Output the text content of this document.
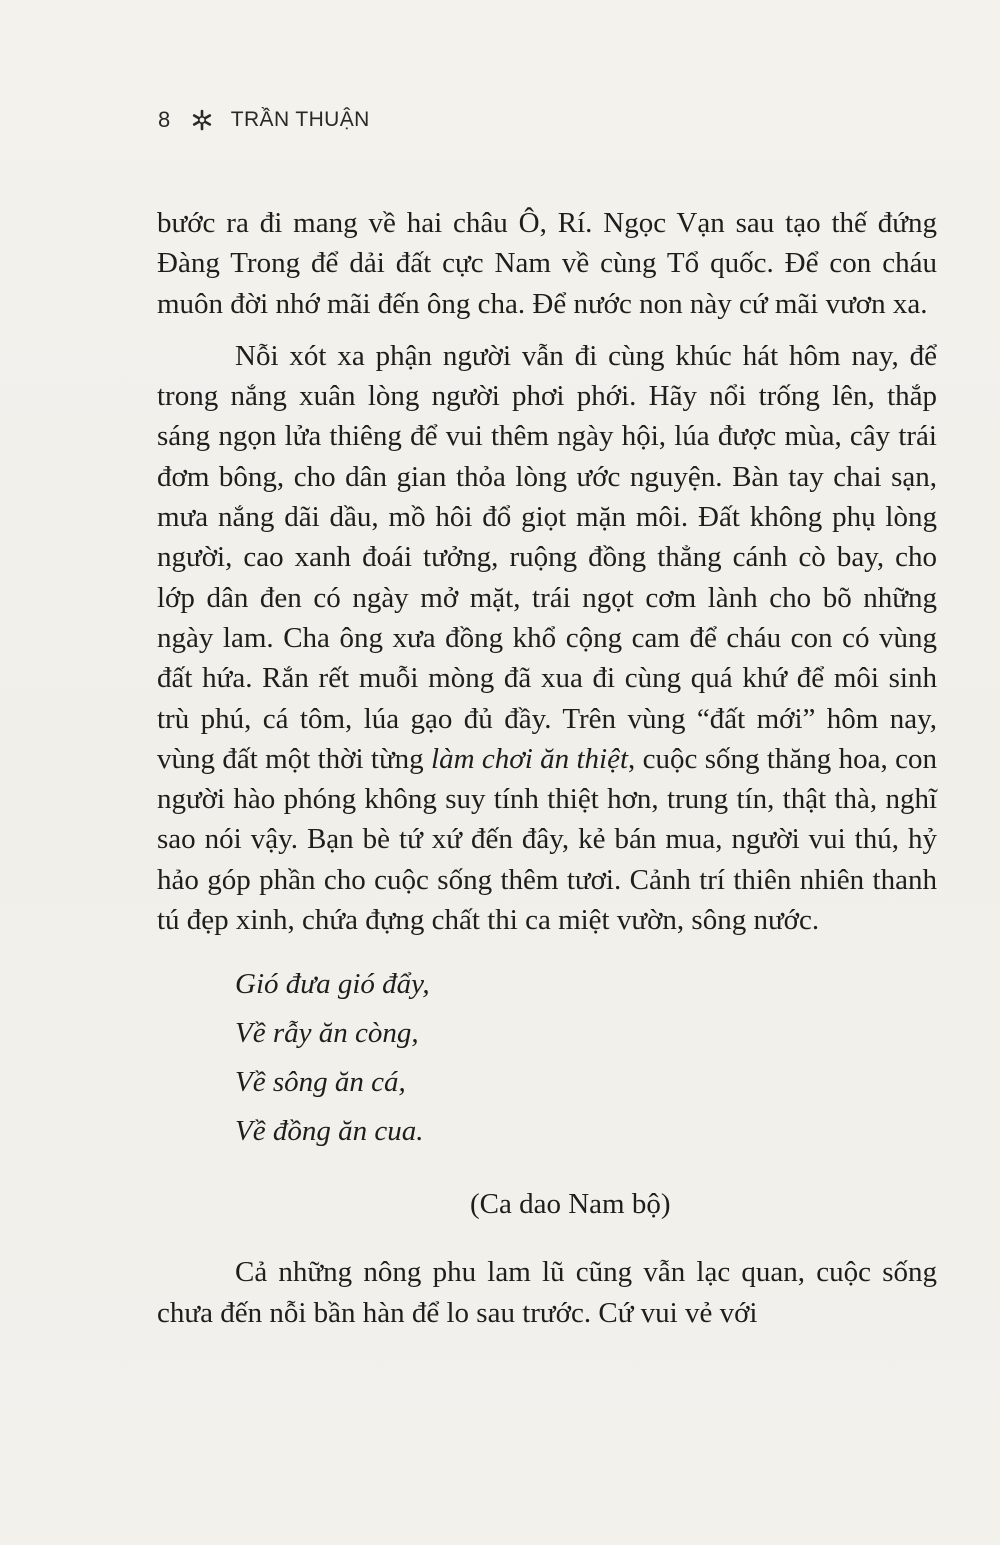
8	TRẦN THUẬN

bước ra đi mang về hai châu Ô, Rí. Ngọc Vạn sau tạo thế đứng Đàng Trong để dải đất cực Nam về cùng Tổ quốc. Để con cháu muôn đời nhớ mãi đến ông cha. Để nước non này cứ mãi vươn xa.

Nỗi xót xa phận người vẫn đi cùng khúc hát hôm nay, để trong nắng xuân lòng người phơi phới. Hãy nổi trống lên, thắp sáng ngọn lửa thiêng để vui thêm ngày hội, lúa được mùa, cây trái đơm bông, cho dân gian thỏa lòng ước nguyện. Bàn tay chai sạn, mưa nắng dãi dầu, mồ hôi đổ giọt mặn môi. Đất không phụ lòng người, cao xanh đoái tưởng, ruộng đồng thẳng cánh cò bay, cho lớp dân đen có ngày mở mặt, trái ngọt cơm lành cho bõ những ngày lam. Cha ông xưa đồng khổ cộng cam để cháu con có vùng đất hứa. Rắn rết muỗi mòng đã xua đi cùng quá khứ để môi sinh trù phú, cá tôm, lúa gạo đủ đầy. Trên vùng “đất mới” hôm nay, vùng đất một thời từng làm chơi ăn thiệt, cuộc sống thăng hoa, con người hào phóng không suy tính thiệt hơn, trung tín, thật thà, nghĩ sao nói vậy. Bạn bè tứ xứ đến đây, kẻ bán mua, người vui thú, hỷ hảo góp phần cho cuộc sống thêm tươi. Cảnh trí thiên nhiên thanh tú đẹp xinh, chứa đựng chất thi ca miệt vườn, sông nước.

Gió đưa gió đẩy,
Về rẫy ăn còng,
Về sông ăn cá,
Về đồng ăn cua.
(Ca dao Nam bộ)

Cả những nông phu lam lũ cũng vẫn lạc quan, cuộc sống chưa đến nỗi bần hàn để lo sau trước. Cứ vui vẻ với
